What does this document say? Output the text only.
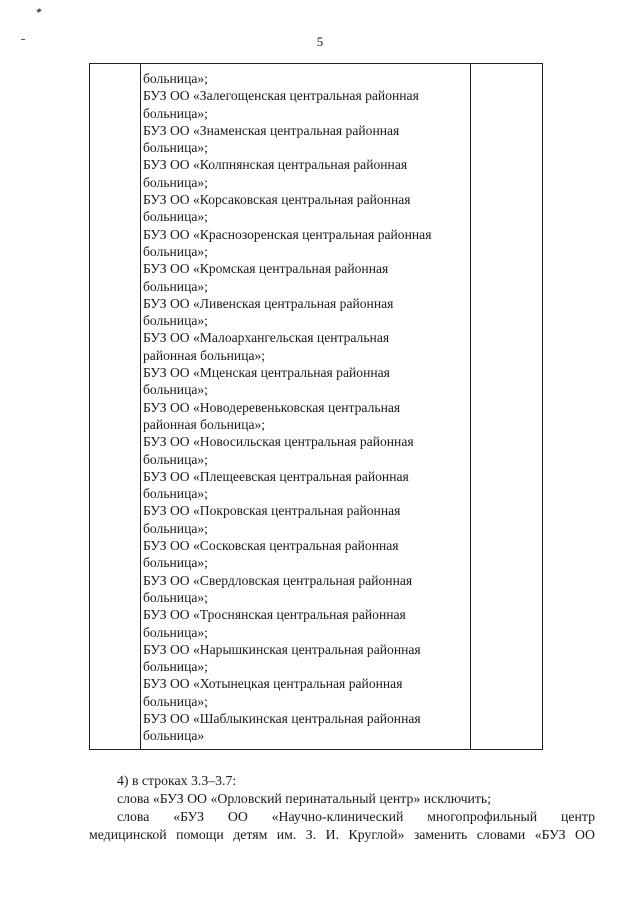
5
больница»;
БУЗ ОО «Залегощенская центральная районная
больница»;
БУЗ ОО «Знаменская центральная районная
больница»;
БУЗ ОО «Колпнянская центральная районная
больница»;
БУЗ ОО «Корсаковская центральная районная
больница»;
БУЗ ОО «Краснозоренская центральная районная
больница»;
БУЗ ОО «Кромская центральная районная
больница»;
БУЗ ОО «Ливенская центральная районная
больница»;
БУЗ ОО «Малоархангельская центральная
районная больница»;
БУЗ ОО «Мценская центральная районная
больница»;
БУЗ ОО «Новодеревеньковская центральная
районная больница»;
БУЗ ОО «Новосильская центральная районная
больница»;
БУЗ ОО «Плещеевская центральная районная
больница»;
БУЗ ОО «Покровская центральная районная
больница»;
БУЗ ОО «Сосковская центральная районная
больница»;
БУЗ ОО «Свердловская центральная районная
больница»;
БУЗ ОО «Троснянская центральная районная
больница»;
БУЗ ОО «Нарышкинская центральная районная
больница»;
БУЗ ОО «Хотынецкая центральная районная
больница»;
БУЗ ОО «Шаблыкинская центральная районная
больница»

4) в строках 3.3–3.7:

слова «БУЗ ОО «Орловский перинатальный центр» исключить;

слова «БУЗ ОО «Научно-клинический многопрофильный центр

медицинской помощи детям им. З. И. Круглой» заменить словами «БУЗ ОО
